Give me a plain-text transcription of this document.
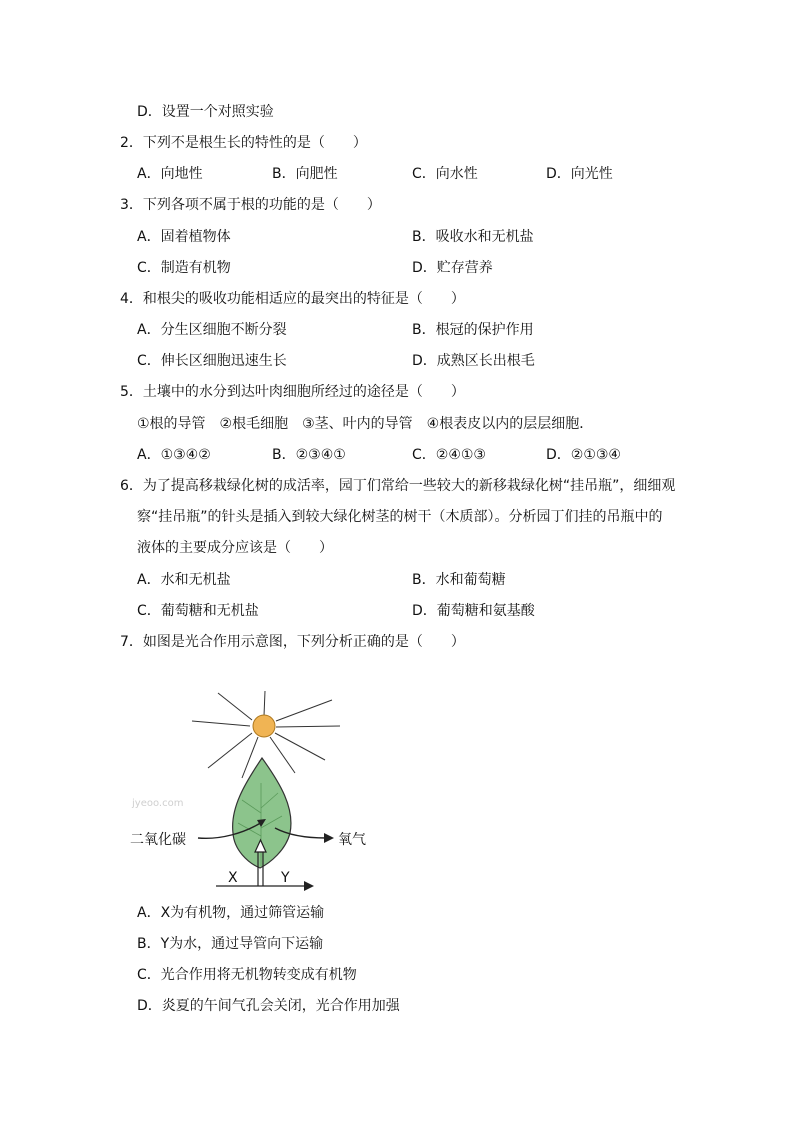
D．设置一个对照实验
2．下列不是根生长的特性的是（　　）
A．向地性	B．向肥性	C．向水性	D．向光性
3．下列各项不属于根的功能的是（　　）
A．固着植物体	B．吸收水和无机盐
C．制造有机物	D．贮存营养
4．和根尖的吸收功能相适应的最突出的特征是（　　）
A．分生区细胞不断分裂	B．根冠的保护作用
C．伸长区细胞迅速生长	D．成熟区长出根毛
5．土壤中的水分到达叶肉细胞所经过的途径是（　　）
①根的导管　②根毛细胞　③茎、叶内的导管　④根表皮以内的层层细胞．
A．①③④②	B．②③④①	C．②④①③	D．②①③④
6．为了提高移栽绿化树的成活率，园丁们常给一些较大的新移栽绿化树“挂吊瓶”，细细观
察“挂吊瓶”的针头是插入到较大绿化树茎的树干（木质部）。分析园丁们挂的吊瓶中的
液体的主要成分应该是（　　）
A．水和无机盐	B．水和葡萄糖
C．葡萄糖和无机盐	D．葡萄糖和氨基酸
7．如图是光合作用示意图，下列分析正确的是（　　）
jyeoo.com
二氧化碳	氧气
X	Y
A．X为有机物，通过筛管运输
B．Y为水，通过导管向下运输
C．光合作用将无机物转变成有机物
D．炎夏的午间气孔会关闭，光合作用加强
